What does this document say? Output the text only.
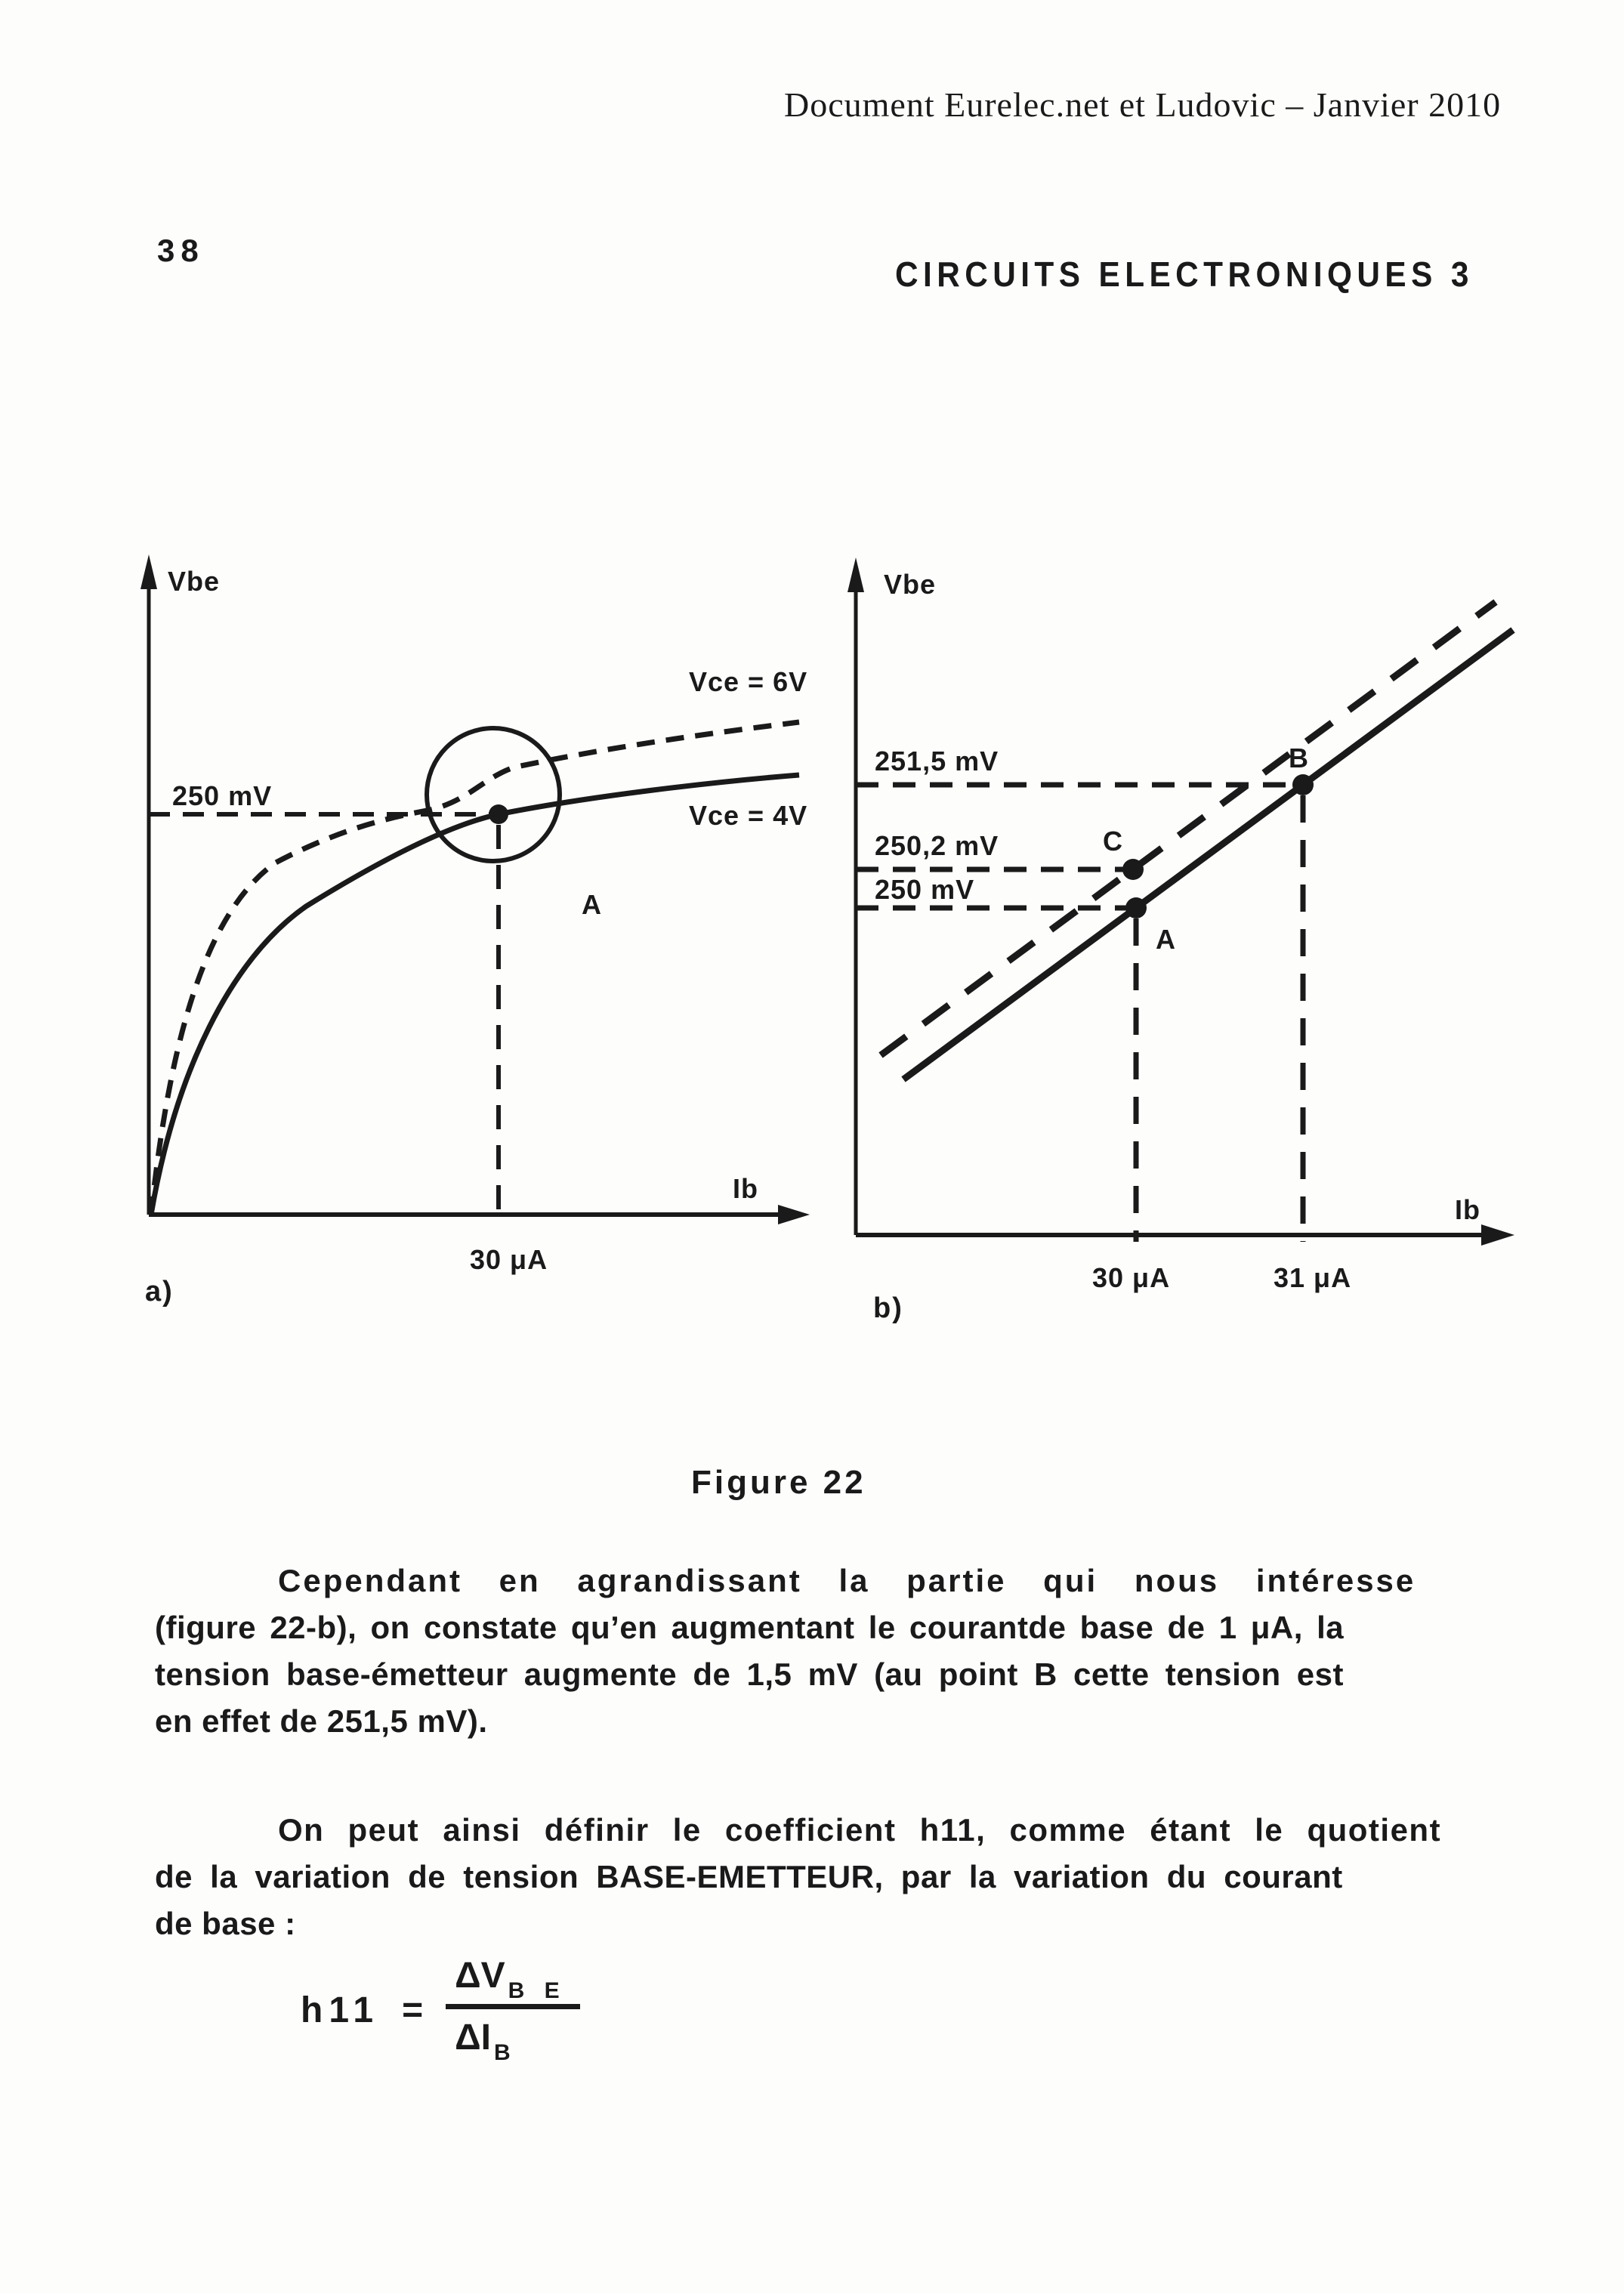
Document Eurelec.net et Ludovic – Janvier 2010
38
CIRCUITS ELECTRONIQUES 3
Vbe
Ib
250 mV
30 μA
Vce = 6V
Vce = 4V
A
a)
Vbe
Ib
251,5 mV
250,2 mV
250 mV
B
C
A
30 μA	31 μA
b)
Figure 22
Cependant en agrandissant la partie qui nous intéresse
(figure 22-b), on constate qu’en augmentant le courantde base de 1 μA, la
tension base-émetteur augmente de 1,5 mV (au point B cette tension est
en effet de 251,5 mV).
On peut ainsi définir le coefficient h11, comme étant le quotient
de la variation de tension BASE-EMETTEUR, par la variation du courant
de base :
h11 =
ΔV $_{B E}$
ΔI $_B$
